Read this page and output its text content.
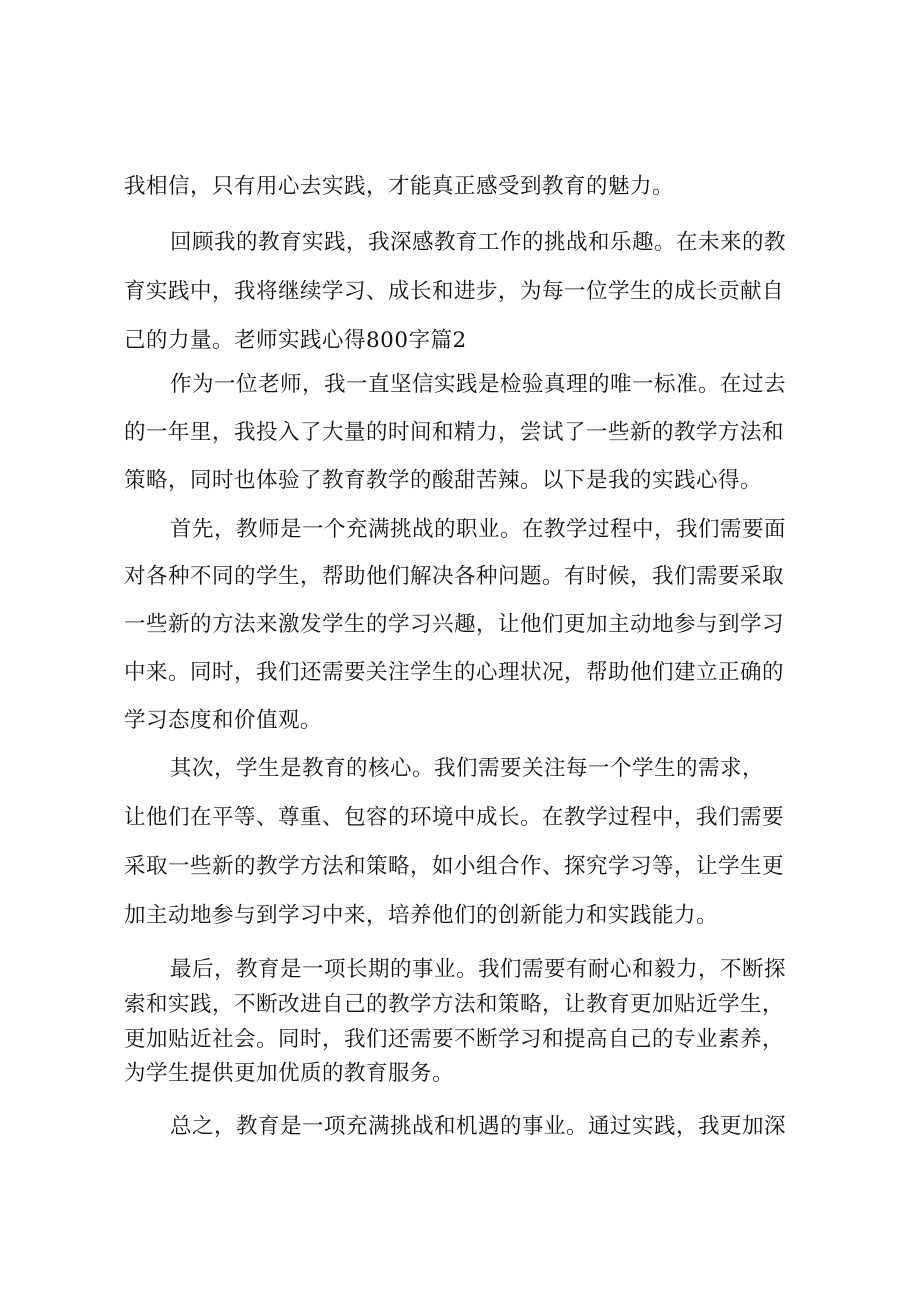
我相信，只有用心去实践，才能真正感受到教育的魅力。
回顾我的教育实践，我深感教育工作的挑战和乐趣。在未来的教
育实践中，我将继续学习、成长和进步，为每一位学生的成长贡献自
己的力量。老师实践心得800字篇2
作为一位老师，我一直坚信实践是检验真理的唯一标准。在过去
的一年里，我投入了大量的时间和精力，尝试了一些新的教学方法和
策略，同时也体验了教育教学的酸甜苦辣。以下是我的实践心得。
首先，教师是一个充满挑战的职业。在教学过程中，我们需要面
对各种不同的学生，帮助他们解决各种问题。有时候，我们需要采取
一些新的方法来激发学生的学习兴趣，让他们更加主动地参与到学习
中来。同时，我们还需要关注学生的心理状况，帮助他们建立正确的
学习态度和价值观。
其次，学生是教育的核心。我们需要关注每一个学生的需求，
让他们在平等、尊重、包容的环境中成长。在教学过程中，我们需要
采取一些新的教学方法和策略，如小组合作、探究学习等，让学生更
加主动地参与到学习中来，培养他们的创新能力和实践能力。
最后，教育是一项长期的事业。我们需要有耐心和毅力，不断探
索和实践，不断改进自己的教学方法和策略，让教育更加贴近学生，
更加贴近社会。同时，我们还需要不断学习和提高自己的专业素养，
为学生提供更加优质的教育服务。
总之，教育是一项充满挑战和机遇的事业。通过实践，我更加深
